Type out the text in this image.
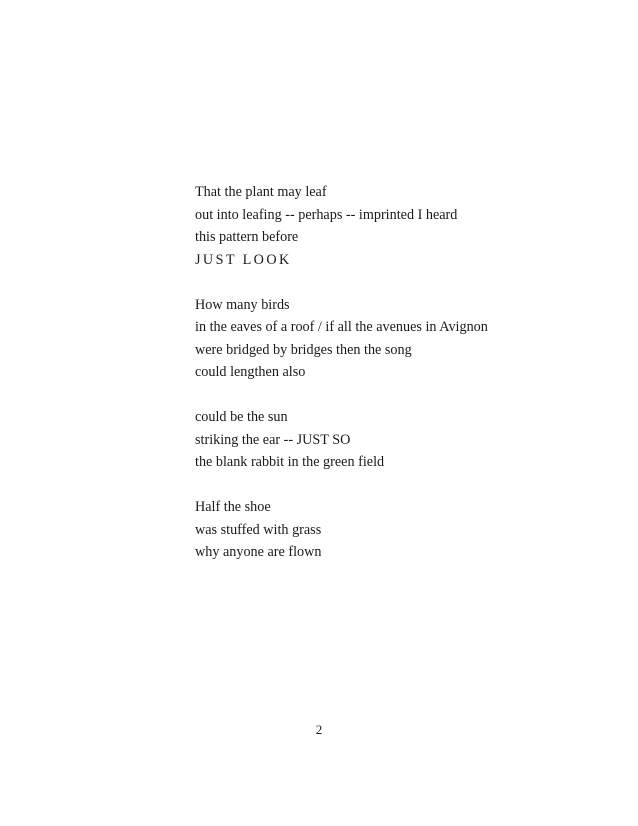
That the plant may leaf
out into leafing -- perhaps -- imprinted I heard
this pattern before
JUST LOOK
How many birds
in the eaves of a roof / if all the avenues in Avignon
were bridged by bridges then the song
could lengthen also
could be the sun
striking the ear -- JUST SO
the blank rabbit in the green field
Half the shoe
was stuffed with grass
why anyone are flown
2
